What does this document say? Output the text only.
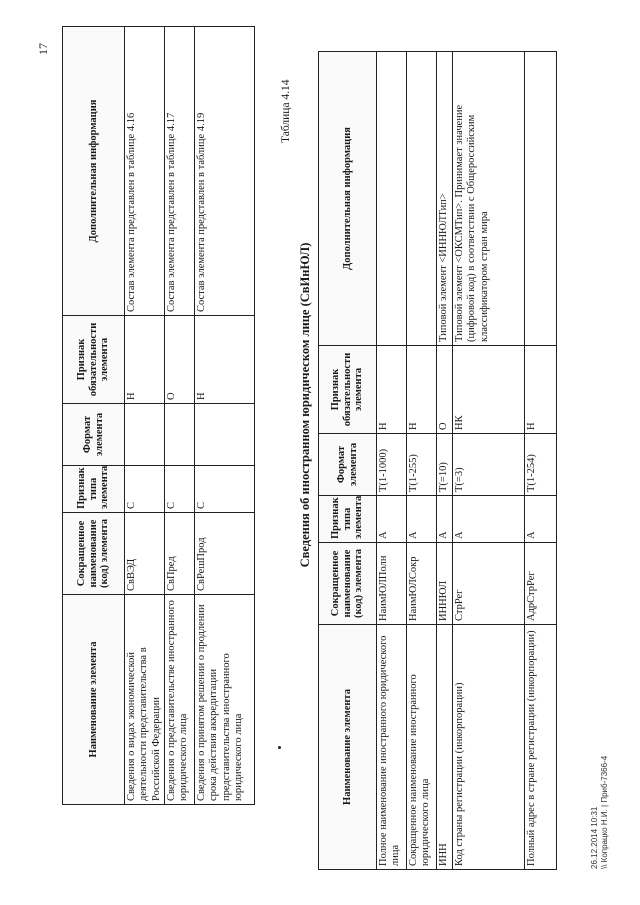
17
Наименование элемента	Сокращенное наименование (код) элемента	Признак типа элемента	Формат элемента	Признак обязательности элемента	Дополнительная информация
Сведения о видах экономической деятельности представительства в Российской Федерации	СвВЭД	С		Н	Состав элемента представлен в таблице 4.16
Сведения о представительстве иностранного юридического лица	СвПред	С		О	Состав элемента представлен в таблице 4.17
Сведения о принятом решении о продлении срока действия аккредитации представительства иностранного юридического лица	СвРешПрод	С		Н	Состав элемента представлен в таблице 4.19
Таблица 4.14
Сведения об иностранном юридическом лице (СвИнЮЛ)
Наименование элемента	Сокращенное наименование (код) элемента	Признак типа элемента	Формат элемента	Признак обязательности элемента	Дополнительная информация
Полное наименование иностранного юридического лица	НаимЮЛПолн	А	T(1-1000)	Н	
Сокращенное наименование иностранного юридического лица	НаимЮЛСокр	А	T(1-255)	Н	
ИНН	ИННЮЛ	А	T(=10)	О	Типовой элемент <ИННЮЛТип>
Код страны регистрации (инкорпорации)	СтрРег	А	T(=3)	НК	Типовой элемент <ОКСМТип>. Принимает значение (цифровой код) в соответствии с Общероссийским классификатором стран мира
Полный адрес в стране регистрации (инкорпорации)	АдрСтрРег	А	T(1-254)	Н	
26.12.2014 10:31 \\ Копрацко Н.И. | Приб-7366-4
